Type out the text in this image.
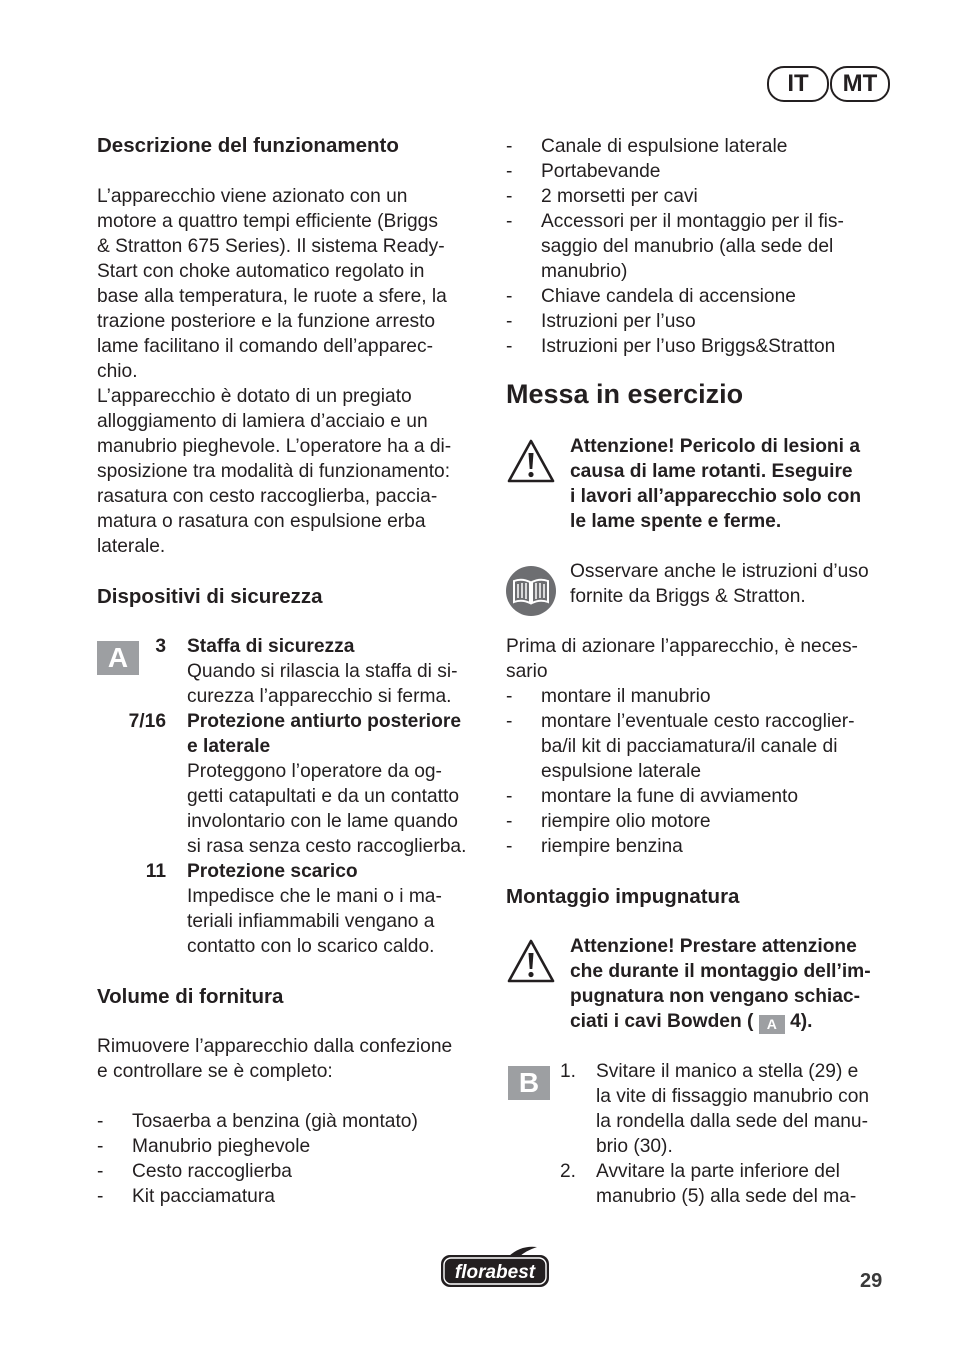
IT	MT
Descrizione del funzionamento
L’apparecchio viene azionato con un
motore a quattro tempi efficiente (Briggs
& Stratton 675 Series). Il sistema Ready-
Start con choke automatico regolato in
base alla temperatura, le ruote a sfere, la
trazione posteriore e la funzione arresto
lame facilitano il comando dell’apparec-
chio.
L’apparecchio è dotato di un pregiato
alloggiamento di lamiera d’acciaio e un
manubrio pieghevole. L’operatore ha a di-
sposizione tra modalità di funzionamento:
rasatura con cesto raccoglierba, paccia-
matura o rasatura con espulsione erba
laterale.
Dispositivi di sicurezza
A	3 Staffa di sicurezza
Quando si rilascia la staffa di si-
curezza l’apparecchio si ferma.
7/16 Protezione antiurto posteriore
e laterale
Proteggono l’operatore da og-
getti catapultati e da un contatto
involontario con le lame quando
si rasa senza cesto raccoglierba.
11 Protezione scarico
Impedisce che le mani o i ma-
teriali infiammabili vengano a
contatto con lo scarico caldo.
Volume di fornitura
Rimuovere l’apparecchio dalla confezione
e controllare se è completo:
- Tosaerba a benzina (già montato)
- Manubrio pieghevole
- Cesto raccoglierba
- Kit pacciamatura
- Canale di espulsione laterale
- Portabevande
- 2 morsetti per cavi
- Accessori per il montaggio per il fis-
saggio del manubrio (alla sede del
manubrio)
- Chiave candela di accensione
- Istruzioni per l’uso
- Istruzioni per l’uso Briggs&Stratton
Messa in esercizio
Attenzione! Pericolo di lesioni a
causa di lame rotanti. Eseguire
i lavori all’apparecchio solo con
le lame spente e ferme.
Osservare anche le istruzioni d’uso
fornite da Briggs & Stratton.
Prima di azionare l’apparecchio, è neces-
sario
- montare il manubrio
- montare l’eventuale cesto raccoglier-
ba/il kit di pacciamatura/il canale di
espulsione laterale
- montare la fune di avviamento
- riempire olio motore
- riempire benzina
Montaggio impugnatura
Attenzione! Prestare attenzione
che durante il montaggio dell’im-
pugnatura non vengano schiac-
ciati i cavi Bowden ( A 4).
B	1. Svitare il manico a stella (29) e
la vite di fissaggio manubrio con
la rondella dalla sede del manu-
brio (30).
2. Avvitare la parte inferiore del
manubrio (5) alla sede del ma-
florabest	29
